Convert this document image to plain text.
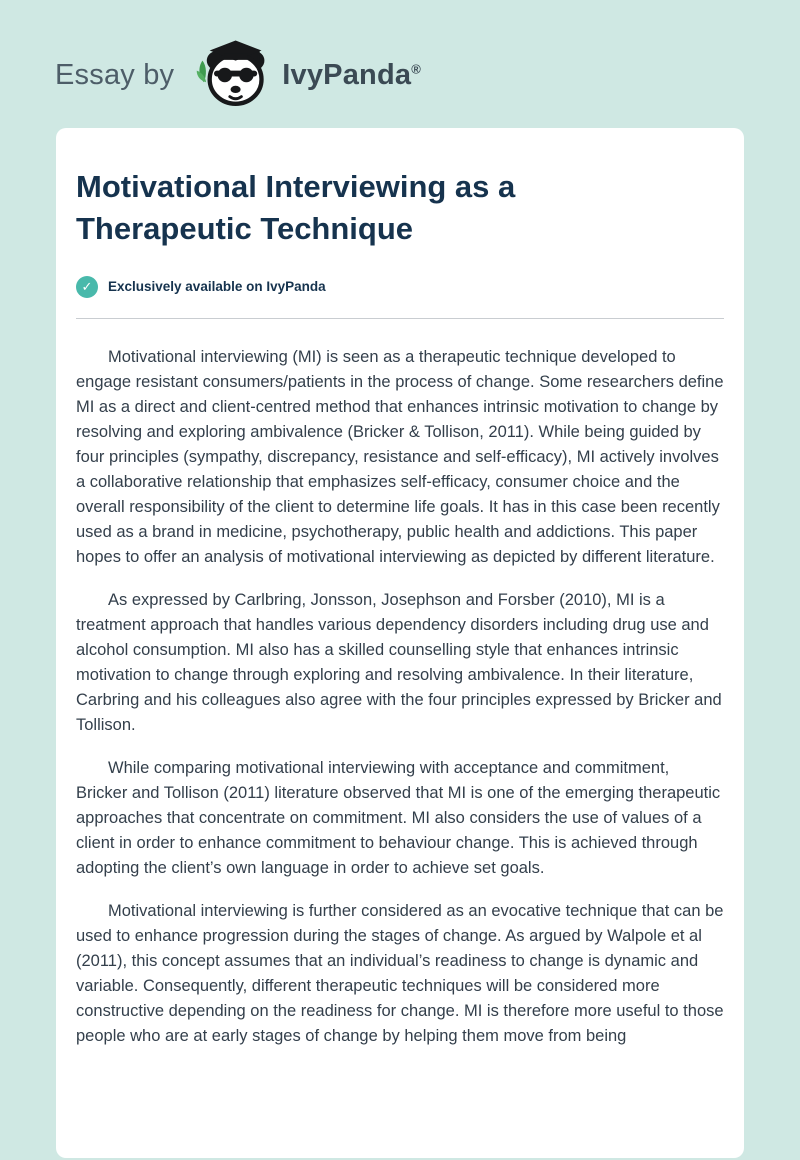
Essay by	IvyPanda®
Motivational Interviewing as a Therapeutic Technique
✓	Exclusively available on IvyPanda

Motivational interviewing (MI) is seen as a therapeutic technique developed to engage resistant consumers/patients in the process of change. Some researchers define MI as a direct and client-centred method that enhances intrinsic motivation to change by resolving and exploring ambivalence (Bricker & Tollison, 2011). While being guided by four principles (sympathy, discrepancy, resistance and self-efficacy), MI actively involves a collaborative relationship that emphasizes self-efficacy, consumer choice and the overall responsibility of the client to determine life goals. It has in this case been recently used as a brand in medicine, psychotherapy, public health and addictions. This paper hopes to offer an analysis of motivational interviewing as depicted by different literature.

As expressed by Carlbring, Jonsson, Josephson and Forsber (2010), MI is a treatment approach that handles various dependency disorders including drug use and alcohol consumption. MI also has a skilled counselling style that enhances intrinsic motivation to change through exploring and resolving ambivalence. In their literature, Carbring and his colleagues also agree with the four principles expressed by Bricker and Tollison.

While comparing motivational interviewing with acceptance and commitment, Bricker and Tollison (2011) literature observed that MI is one of the emerging therapeutic approaches that concentrate on commitment. MI also considers the use of values of a client in order to enhance commitment to behaviour change. This is achieved through adopting the client’s own language in order to achieve set goals.

Motivational interviewing is further considered as an evocative technique that can be used to enhance progression during the stages of change. As argued by Walpole et al (2011), this concept assumes that an individual’s readiness to change is dynamic and variable. Consequently, different therapeutic techniques will be considered more constructive depending on the readiness for change. MI is therefore more useful to those people who are at early stages of change by helping them move from being
